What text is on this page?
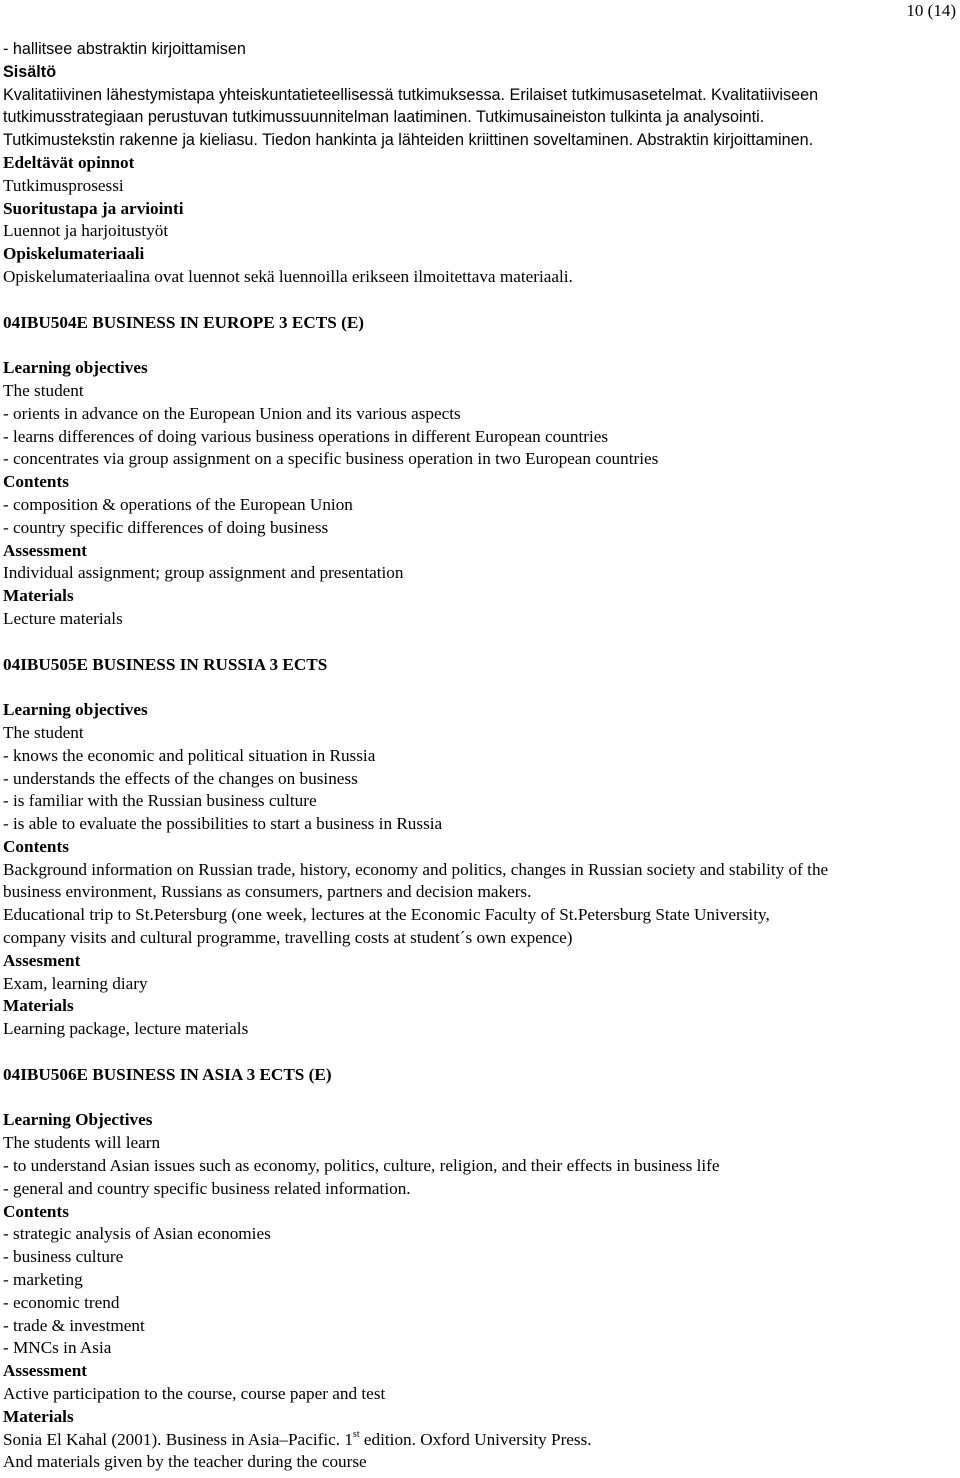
10 (14)
- hallitsee abstraktin kirjoittamisen
Sisältö
Kvalitatiivinen lähestymistapa yhteiskuntatieteellisessä tutkimuksessa. Erilaiset tutkimusasetelmat. Kvalitatiiviseen
tutkimusstrategiaan perustuvan tutkimussuunnitelman laatiminen. Tutkimusaineiston tulkinta ja analysointi.
Tutkimustekstin rakenne ja kieliasu. Tiedon hankinta ja lähteiden kriittinen soveltaminen. Abstraktin kirjoittaminen.
Edeltävät opinnot
Tutkimusprosessi
Suoritustapa ja arviointi
Luennot ja harjoitustyöt
Opiskelumateriaali
Opiskelumateriaalina ovat luennot sekä luennoilla erikseen ilmoitettava materiaali.
04IBU504E BUSINESS IN EUROPE 3 ECTS (E)
Learning objectives
The student
- orients in advance on the European Union and its various aspects
- learns differences of doing various business operations in different European countries
- concentrates via group assignment on a specific business operation in two European countries
Contents
- composition & operations of the European Union
- country specific differences of doing business
Assessment
Individual assignment; group assignment and presentation
Materials
Lecture materials
04IBU505E BUSINESS IN RUSSIA 3 ECTS
Learning objectives
The student
- knows the economic and political situation in Russia
- understands the effects of the changes on business
- is familiar with the Russian business culture
- is able to evaluate the possibilities to start a business in Russia
Contents
Background information on Russian trade, history, economy and politics, changes in Russian society and stability of the
business environment, Russians as consumers, partners and decision makers.
Educational trip to St.Petersburg (one week, lectures at the Economic Faculty of St.Petersburg State University,
company visits and cultural programme, travelling costs at student´s own expence)
Assesment
Exam, learning diary
Materials
Learning package, lecture materials
04IBU506E BUSINESS IN ASIA 3 ECTS (E)
Learning Objectives
The students will learn
- to understand Asian issues such as economy, politics, culture, religion, and their effects in business life
- general and country specific business related information.
Contents
- strategic analysis of Asian economies
- business culture
- marketing
- economic trend
- trade & investment
- MNCs in Asia
Assessment
Active participation to the course, course paper and test
Materials
Sonia El Kahal (2001). Business in Asia–Pacific. 1st edition. Oxford University Press.
And materials given by the teacher during the course
